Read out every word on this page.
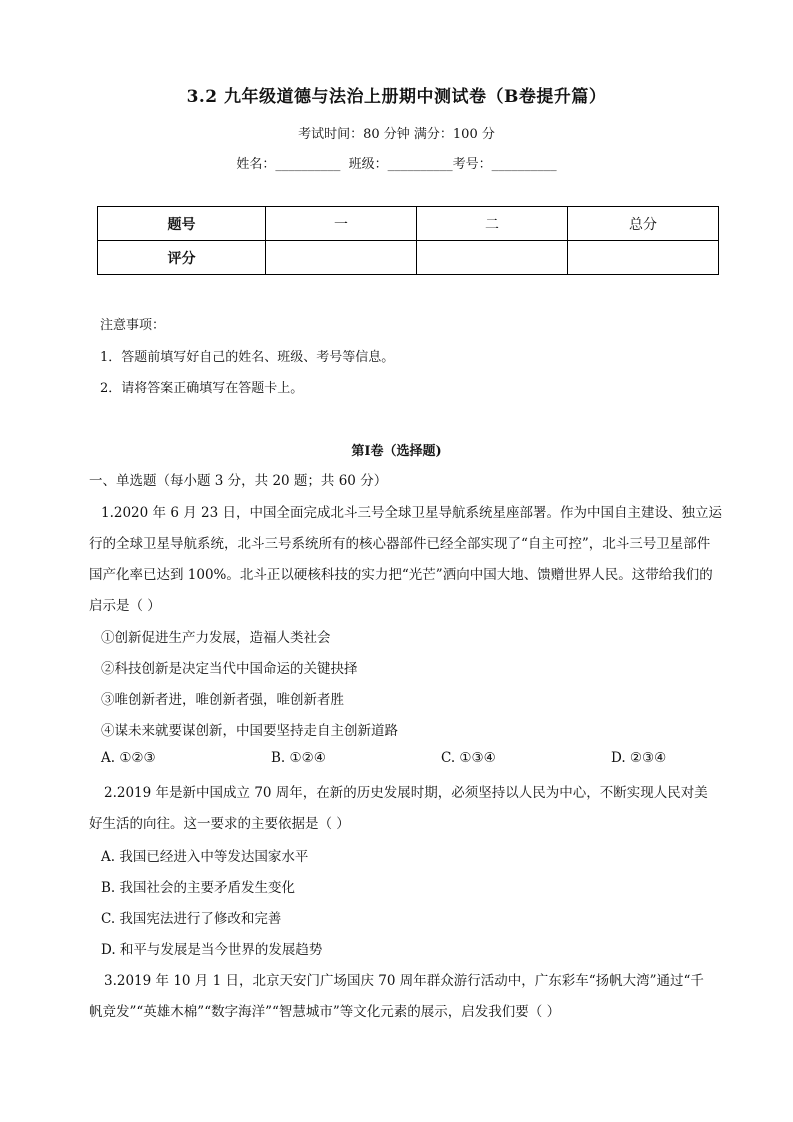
3.2 九年级道德与法治上册期中测试卷（B卷提升篇）
考试时间：80 分钟 满分：100 分
姓名：__________ 班级：__________考号：__________
题号	一	二	总分
评分			
注意事项：
1．答题前填写好自己的姓名、班级、考号等信息。
2．请将答案正确填写在答题卡上。
第I卷（选择题)
一、单选题（每小题 3 分，共 20 题；共 60 分）
1.2020 年 6 月 23 日，中国全面完成北斗三号全球卫星导航系统星座部署。作为中国自主建设、独立运
行的全球卫星导航系统，北斗三号系统所有的核心器部件已经全部实现了“自主可控”，北斗三号卫星部件
国产化率已达到 100%。北斗正以硬核科技的实力把“光芒”洒向中国大地、馈赠世界人民。这带给我们的
启示是（ ）
①创新促进生产力发展，造福人类社会
②科技创新是决定当代中国命运的关键抉择
③唯创新者进，唯创新者强，唯创新者胜
④谋未来就要谋创新，中国要坚持走自主创新道路
A. ①②③	B. ①②④	C. ①③④	D. ②③④
2.2019 年是新中国成立 70 周年，在新的历史发展时期，必须坚持以人民为中心，不断实现人民对美
好生活的向往。这一要求的主要依据是（ ）
A. 我国已经进入中等发达国家水平
B. 我国社会的主要矛盾发生变化
C. 我国宪法进行了修改和完善
D. 和平与发展是当今世界的发展趋势
3.2019 年 10 月 1 日，北京天安门广场国庆 70 周年群众游行活动中，广东彩车“扬帆大湾”通过“千
帆竞发”“英雄木棉”“数字海洋”“智慧城市”等文化元素的展示，启发我们要（ ）
